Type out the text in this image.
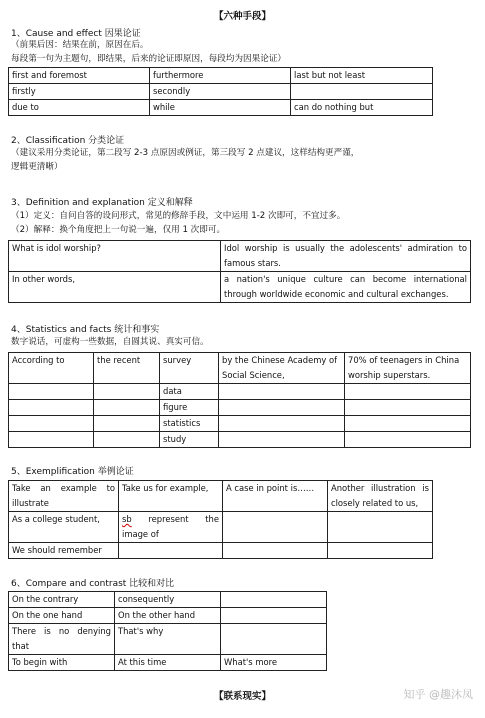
【六种手段】
1、Cause and effect 因果论证
（前果后因：结果在前，原因在后。
每段第一句为主题句，即结果，后来的论证即原因，每段均为因果论证）
first and foremost	furthermore	last but not least
firstly	secondly	
due to	while	can do nothing but
2、Classification 分类论证
（建议采用分类论证，第二段写 2-3 点原因或例证，第三段写 2 点建议，这样结构更严谨，
逻辑更清晰）
3、Definition and explanation 定义和解释
（1）定义：自问自答的设问形式，常见的修辞手段，文中运用 1-2 次即可，不宜过多。
（2）解释：换个角度把上一句说一遍，仅用 1 次即可。
What is idol worship?	Idol worship is usually the adolescents' admiration to famous stars.
In other words,	a nation's unique culture can become international through worldwide economic and cultural exchanges.
4、Statistics and facts 统计和事实
数字说话，可虚构一些数据，自圆其说、真实可信。
According to	the recent	survey	by the Chinese Academy of Social Science,	70% of teenagers in China worship superstars.
		data		
		figure		
		statistics		
		study		
5、Exemplification 举例论证
Take an example to illustrate	Take us for example,	A case in point is……	Another illustration is closely related to us,
As a college student,	sb represent the image of		
We should remember			
6、Compare and contrast 比较和对比
On the contrary	consequently	
On the one hand	On the other hand	
There is no denying that	That's why	
To begin with	At this time	What's more
【联系现实】	知乎 @趣沐凤
